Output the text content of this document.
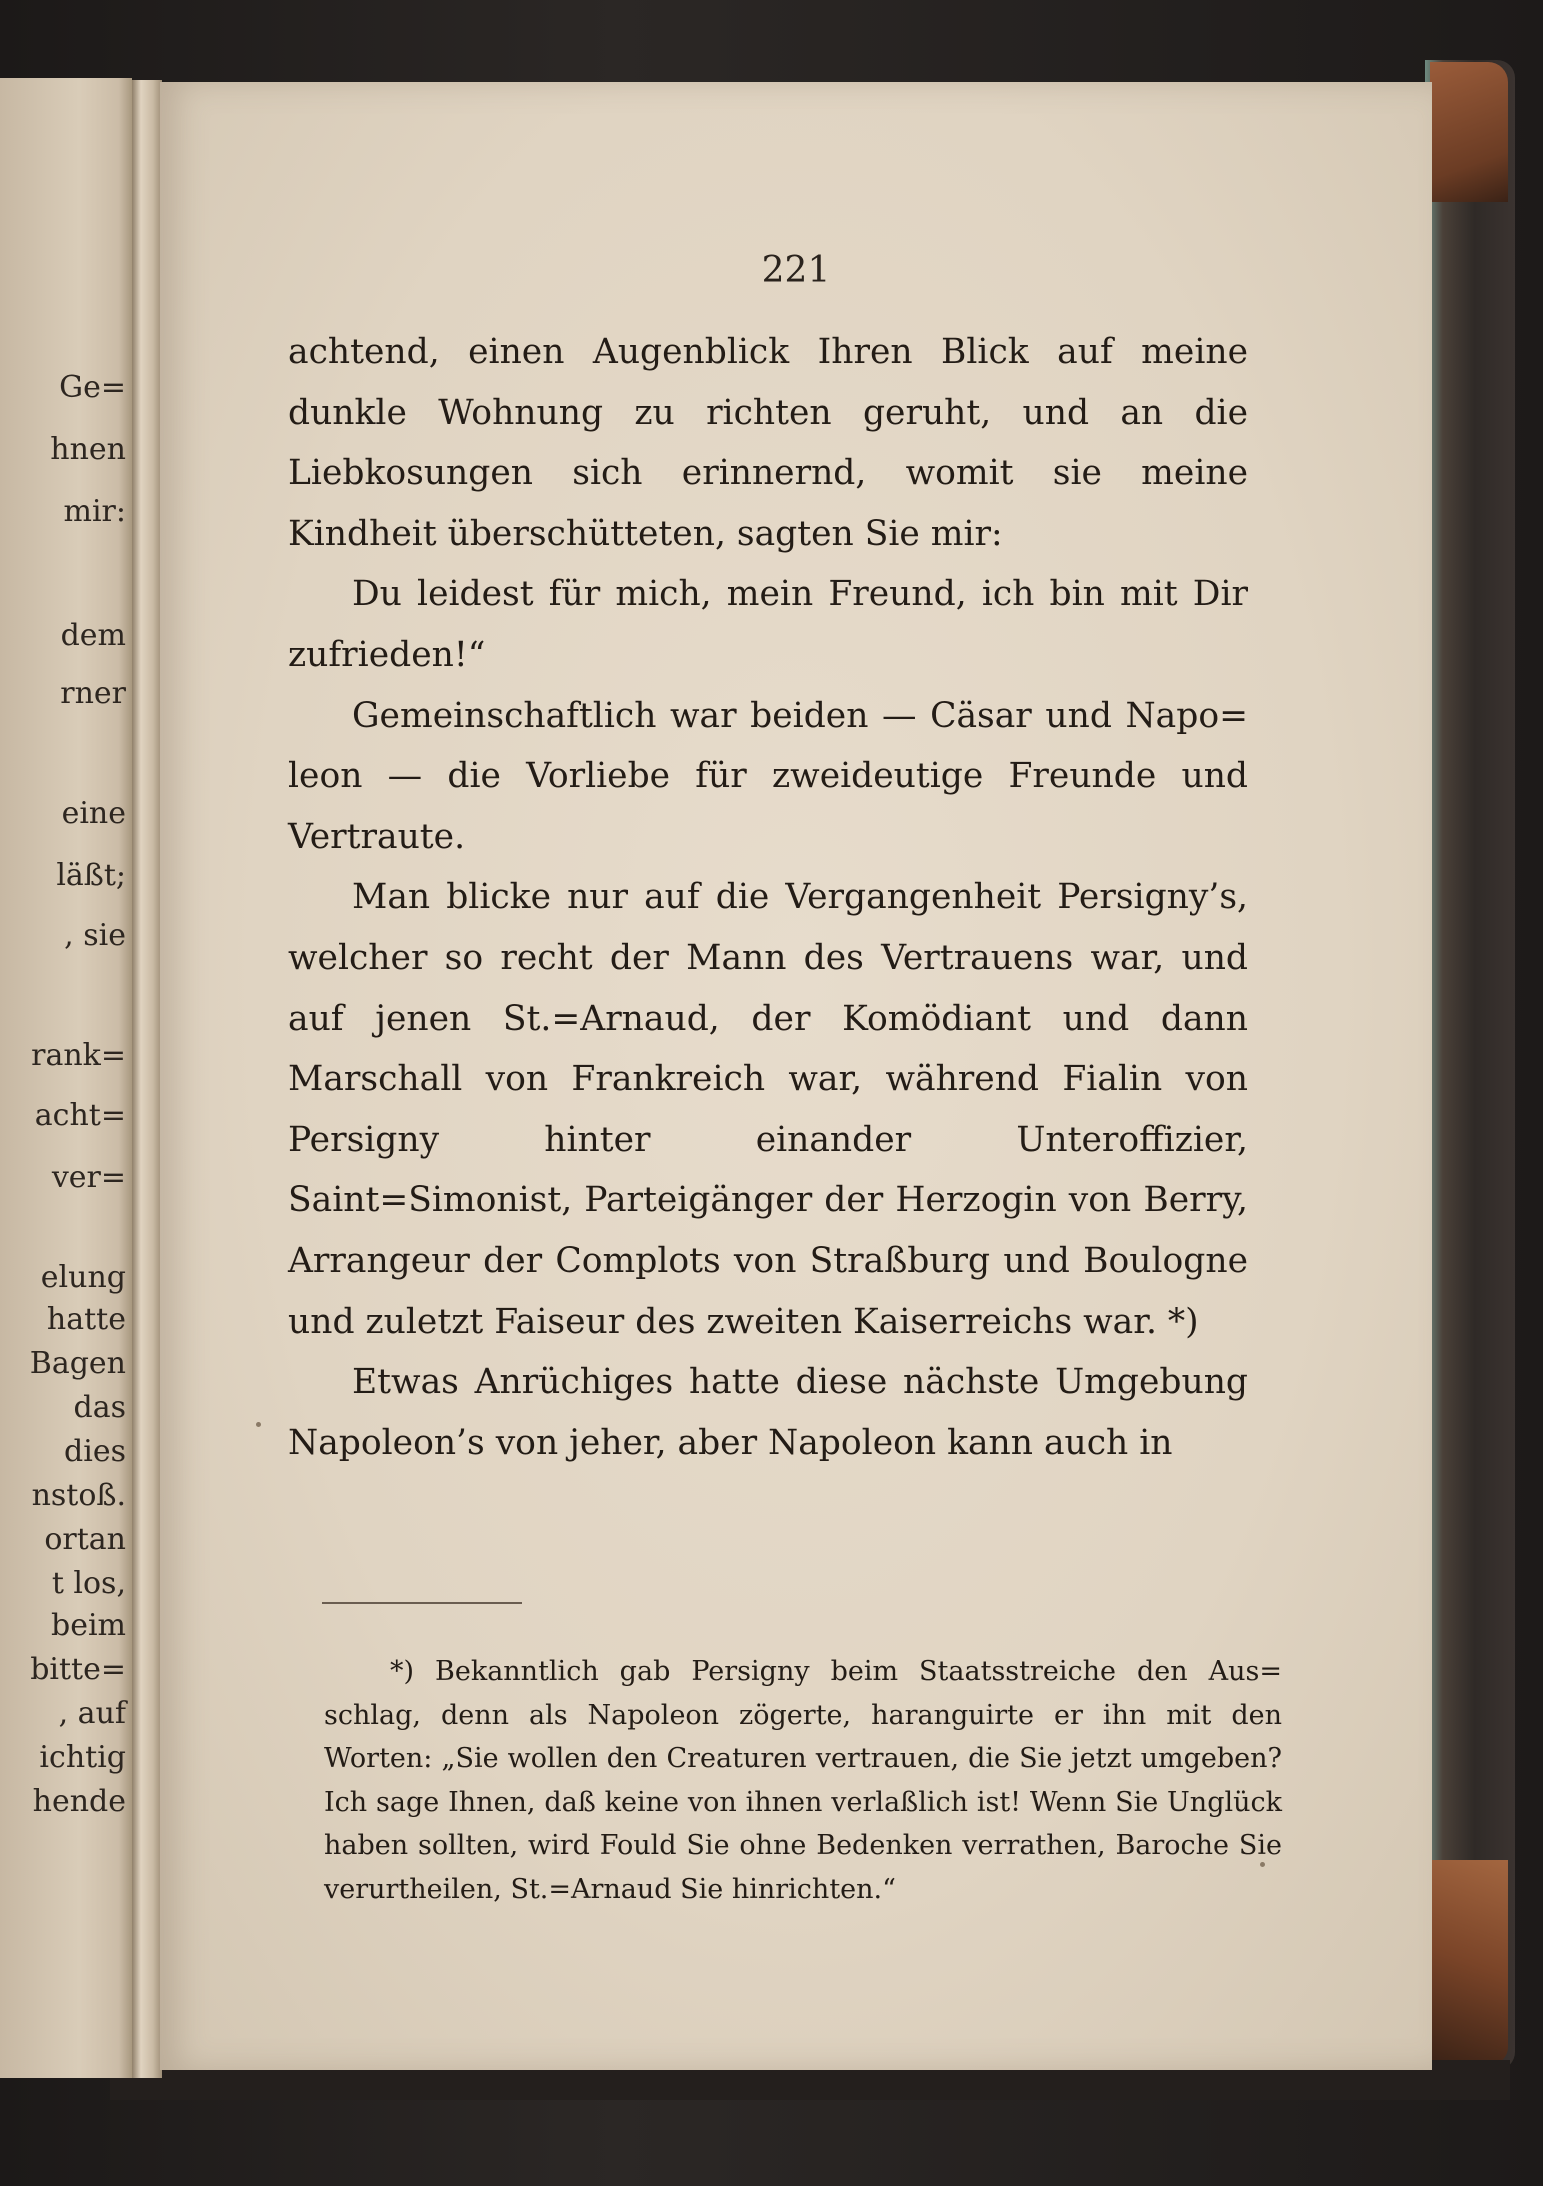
Ge=
hnen
mir:
dem
rner
eine
läßt;
, sie
rank=
acht=
ver=
elung
hatte
Bagen
das
dies
nstoß.
ortan
t los,
beim
bitte=
, auf
ichtig
hende
221

achtend, einen Augenblick Ihren Blick auf meine dunkle Wohnung zu richten geruht, und an die Liebkosungen sich erinnernd, womit sie meine Kindheit überschütteten, sagten Sie mir:

Du leidest für mich, mein Freund, ich bin mit Dir zufrieden!“

Gemeinschaftlich war beiden — Cäsar und Napo= leon — die Vorliebe für zweideutige Freunde und Vertraute.

Man blicke nur auf die Vergangenheit Persigny’s, welcher so recht der Mann des Vertrauens war, und auf jenen St.=Arnaud, der Komödiant und dann Marschall von Frankreich war, während Fialin von Persigny hinter einander Unteroffizier, Saint=Simonist, Parteigänger der Herzogin von Berry, Arrangeur der Complots von Straßburg und Boulogne und zuletzt Faiseur des zweiten Kaiserreichs war. *)

Etwas Anrüchiges hatte diese nächste Umgebung Napoleon’s von jeher, aber Napoleon kann auch in

*) Bekanntlich gab Persigny beim Staatsstreiche den Aus= schlag, denn als Napoleon zögerte, haranguirte er ihn mit den Worten: „Sie wollen den Creaturen vertrauen, die Sie jetzt umgeben? Ich sage Ihnen, daß keine von ihnen verlaßlich ist! Wenn Sie Unglück haben sollten, wird Fould Sie ohne Bedenken verrathen, Baroche Sie verurtheilen, St.=Arnaud Sie hinrichten.“
